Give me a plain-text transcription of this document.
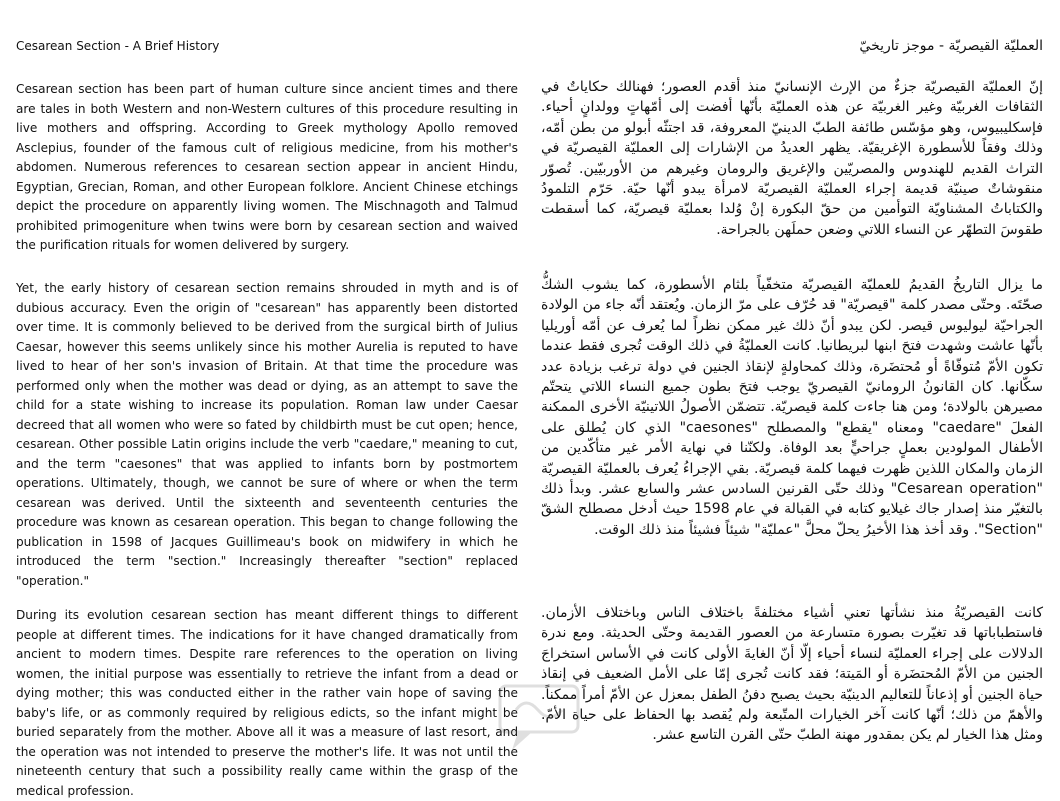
Cesarean Section - A Brief History

Cesarean section has been part of human culture since ancient times and there are tales in both Western and non-Western cultures of this procedure resulting in live mothers and offspring. According to Greek mythology Apollo removed Asclepius, founder of the famous cult of religious medicine, from his mother's abdomen. Numerous references to cesarean section appear in ancient Hindu, Egyptian, Grecian, Roman, and other European folklore. Ancient Chinese etchings depict the procedure on apparently living women. The Mischnagoth and Talmud prohibited primogeniture when twins were born by cesarean section and waived the purification rituals for women delivered by surgery.

Yet, the early history of cesarean section remains shrouded in myth and is of dubious accuracy. Even the origin of "cesarean" has apparently been distorted over time. It is commonly believed to be derived from the surgical birth of Julius Caesar, however this seems unlikely since his mother Aurelia is reputed to have lived to hear of her son's invasion of Britain. At that time the procedure was performed only when the mother was dead or dying, as an attempt to save the child for a state wishing to increase its population. Roman law under Caesar decreed that all women who were so fated by childbirth must be cut open; hence, cesarean. Other possible Latin origins include the verb "caedare," meaning to cut, and the term "caesones" that was applied to infants born by postmortem operations. Ultimately, though, we cannot be sure of where or when the term cesarean was derived. Until the sixteenth and seventeenth centuries the procedure was known as cesarean operation. This began to change following the publication in 1598 of Jacques Guillimeau's book on midwifery in which he introduced the term "section." Increasingly thereafter "section" replaced "operation."

During its evolution cesarean section has meant different things to different people at different times. The indications for it have changed dramatically from ancient to modern times. Despite rare references to the operation on living women, the initial purpose was essentially to retrieve the infant from a dead or dying mother; this was conducted either in the rather vain hope of saving the baby's life, or as commonly required by religious edicts, so the infant might be buried separately from the mother. Above all it was a measure of last resort, and the operation was not intended to preserve the mother's life. It was not until the nineteenth century that such a possibility really came within the grasp of the medical profession.

العمليّة القيصريّة - موجز تاريخيّ

إنّ العمليّة القيصريّة جزءٌ من الإرث الإنسانيّ منذ أقدم العصور؛ فهنالك حكاياتٌ في الثقافات الغربيّة وغير الغربيّة عن هذه العمليّة بأنّها أفضت إلى أمّهاتٍ وولدانٍ أحياء. فإسكليبيوس، وهو مؤسّس طائفة الطبّ الدينيّ المعروفة، قد اجتثّه أبولو من بطن أمّه، وذلك وفقاً للأسطورة الإغريقيّة. يظهر العديدُ من الإشارات إلى العمليّة القيصريّة في التراث القديم للهندوس والمصريّين والإغريق والرومان وغيرهم من الأوربيّين. تُصوّر منقوشاتٌ صينيّة قديمة إجراء العمليّة القيصريّة لامرأة يبدو أنّها حيّة. حَرّم التلمودُ والكتاباتُ المشناويّة التوأمين من حقّ البكورة إنْ وُلدا بعمليّة قيصريّة، كما أسقطت طقوسَ التطهّر عن النساء اللاتي وضعن حملَهن بالجراحة.

ما يزال التاريخُ القديمُ للعمليّة القيصريّة متخفّياً بلثام الأسطورة، كما يشوب الشكُّ صحّتَه. وحتّى مصدر كلمة "قيصريّة" قد حُرّف على مرّ الزمان. ويُعتقد أنّه جاء من الولادة الجراحيّة ليوليوس قيصر. لكن يبدو أنّ ذلك غير ممكن نظراً لما يُعرف عن أمّه أوريليا بأنّها عاشت وشهدت فتحَ ابنها لبريطانيا. كانت العمليّةُ في ذلك الوقت تُجرى فقط عندما تكون الأمّ مُتوفّاةً أو مُحتضَرة، وذلك كمحاولةٍ لإنقاذ الجنين في دولة ترغب بزيادة عدد سكّانها. كان القانونُ الرومانيّ القيصريّ يوجب فتحَ بطون جميع النساء اللاتي يتحتّم مصيرهن بالولادة؛ ومن هنا جاءت كلمة قيصريّة. تتضمّن الأصولُ اللاتينيّة الأخرى الممكنة الفعلَ "caedare" ومعناه "يقطع" والمصطلح "caesones" الذي كان يُطلق على الأطفال المولودين بعملٍ جراحيٍّ بعد الوفاة. ولكنّنا في نهاية الأمر غير متأكّدين من الزمان والمكان اللذين ظهرت فيهما كلمة قيصريّة. بقي الإجراءُ يُعرف بالعمليّة القيصريّة "Cesarean operation" وذلك حتّى القرنين السادس عشر والسابع عشر. وبدأ ذلك بالتغيّر منذ إصدار جاك غيلايو كتابه في القبالة في عام 1598 حيث أدخل مصطلح الشقّ "Section". وقد أخذ هذا الأخيرُ يحلّ محلَّ "عمليّة" شيئاً فشيئاً منذ ذلك الوقت.

كانت القيصريّةُ منذ نشأتها تعني أشياء مختلفةً باختلاف الناس وباختلاف الأزمان. فاستطباباتها قد تغيّرت بصورة متسارعة من العصور القديمة وحتّى الحديثة. ومع ندرة الدلالات على إجراء العمليّة لنساء أحياء إلّا أنّ الغايةَ الأولى كانت في الأساس استخراجَ الجنين من الأمّ المُحتضَرة أو المَيتة؛ فقد كانت تُجرى إمّا على الأمل الضعيف في إنقاذ حياة الجنين أو إذعاناً للتعاليم الدينيّة بحيث يصبح دفنُ الطفل بمعزل عن الأمّ أمراً ممكناً. والأهمّ من ذلك؛ أنّها كانت آخر الخيارات المتّبعة ولم يُقصد بها الحفاظ على حياة الأمّ. ومثل هذا الخيار لم يكن بمقدور مهنة الطبّ حتّى القرن التاسع عشر.
